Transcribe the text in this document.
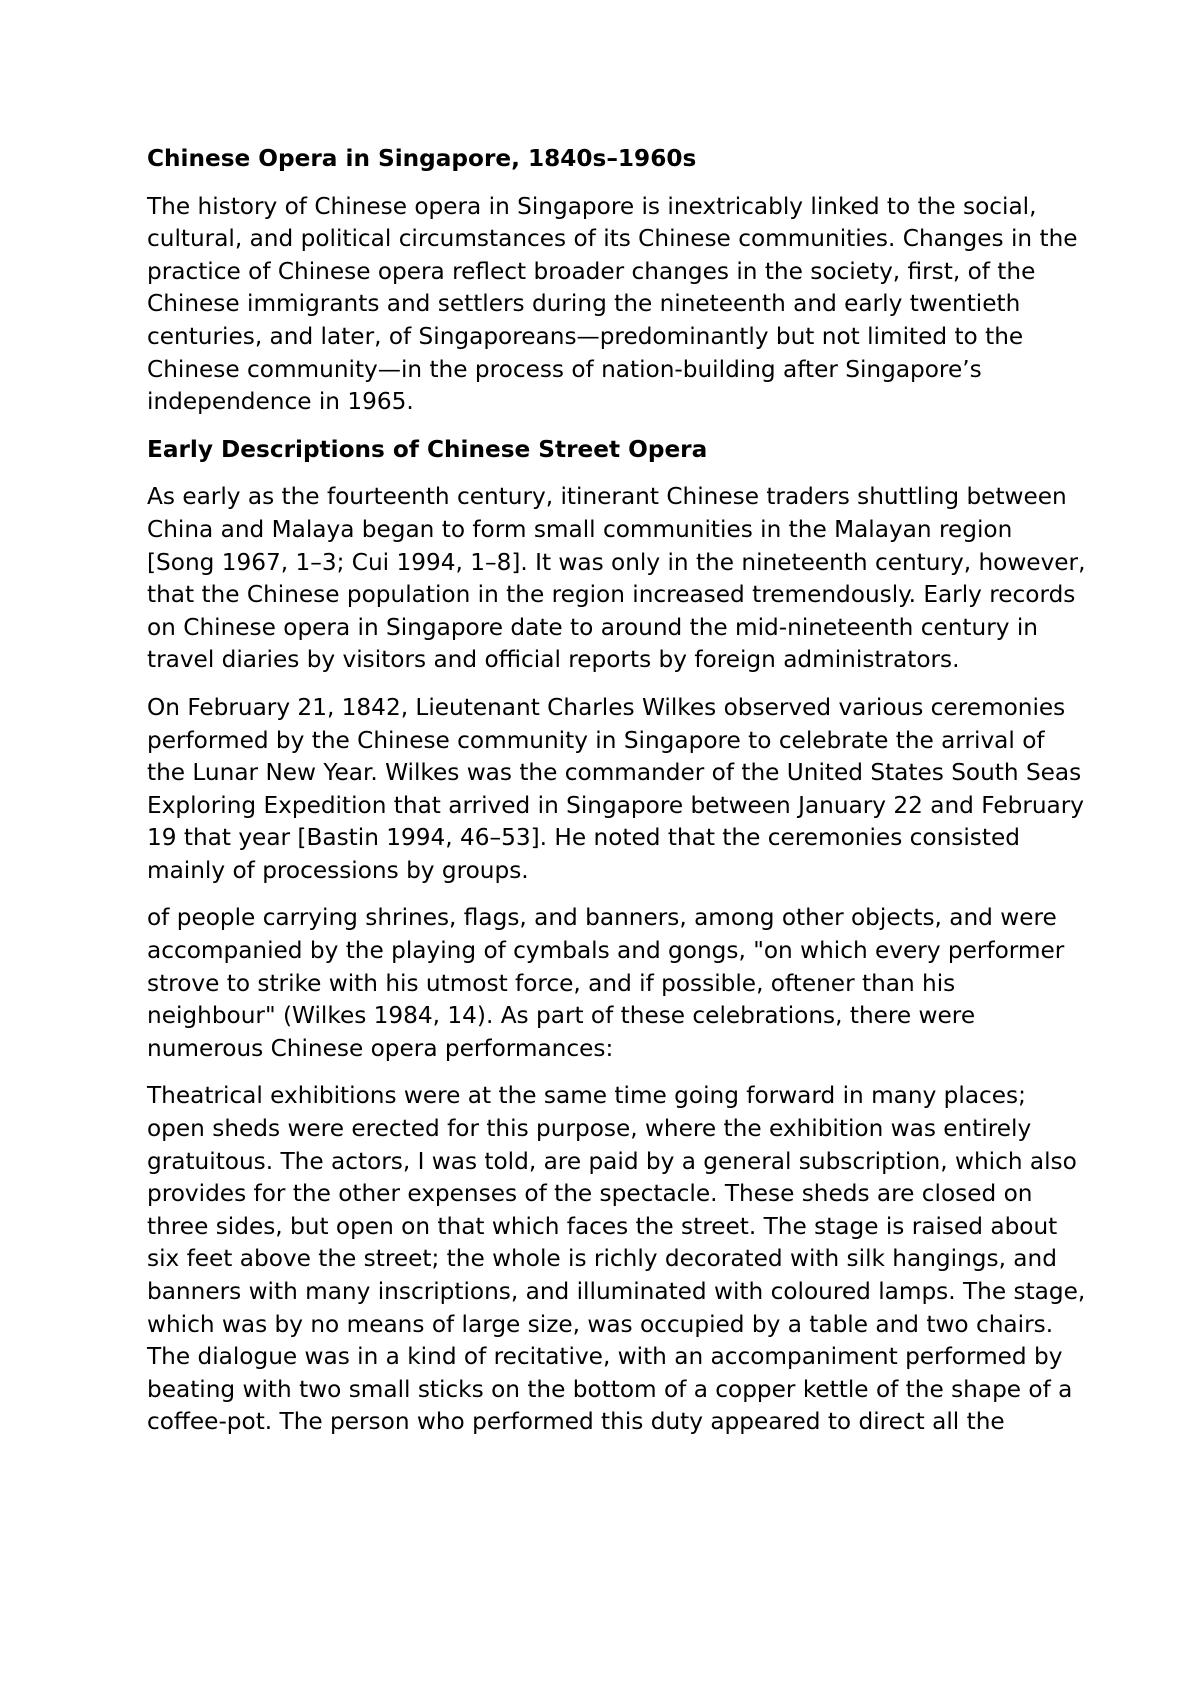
Chinese Opera in Singapore, 1840s–1960s
The history of Chinese opera in Singapore is inextricably linked to the social, cultural, and political circumstances of its Chinese communities. Changes in the practice of Chinese opera reflect broader changes in the society, first, of the Chinese immigrants and settlers during the nineteenth and early twentieth centuries, and later, of Singaporeans—predominantly but not limited to the Chinese community—in the process of nation-building after Singapore’s independence in 1965.
Early Descriptions of Chinese Street Opera
As early as the fourteenth century, itinerant Chinese traders shuttling between China and Malaya began to form small communities in the Malayan region [Song 1967, 1–3; Cui 1994, 1–8]. It was only in the nineteenth century, however, that the Chinese population in the region increased tremendously. Early records on Chinese opera in Singapore date to around the mid-nineteenth century in travel diaries by visitors and official reports by foreign administrators.
On February 21, 1842, Lieutenant Charles Wilkes observed various ceremonies performed by the Chinese community in Singapore to celebrate the arrival of the Lunar New Year. Wilkes was the commander of the United States South Seas Exploring Expedition that arrived in Singapore between January 22 and February 19 that year [Bastin 1994, 46–53]. He noted that the ceremonies consisted mainly of processions by groups.
of people carrying shrines, flags, and banners, among other objects, and were accompanied by the playing of cymbals and gongs, "on which every performer strove to strike with his utmost force, and if possible, oftener than his neighbour" (Wilkes 1984, 14). As part of these celebrations, there were numerous Chinese opera performances:
Theatrical exhibitions were at the same time going forward in many places; open sheds were erected for this purpose, where the exhibition was entirely gratuitous. The actors, I was told, are paid by a general subscription, which also provides for the other expenses of the spectacle. These sheds are closed on three sides, but open on that which faces the street. The stage is raised about six feet above the street; the whole is richly decorated with silk hangings, and banners with many inscriptions, and illuminated with coloured lamps. The stage, which was by no means of large size, was occupied by a table and two chairs. The dialogue was in a kind of recitative, with an accompaniment performed by beating with two small sticks on the bottom of a copper kettle of the shape of a coffee-pot. The person who performed this duty appeared to direct all the
